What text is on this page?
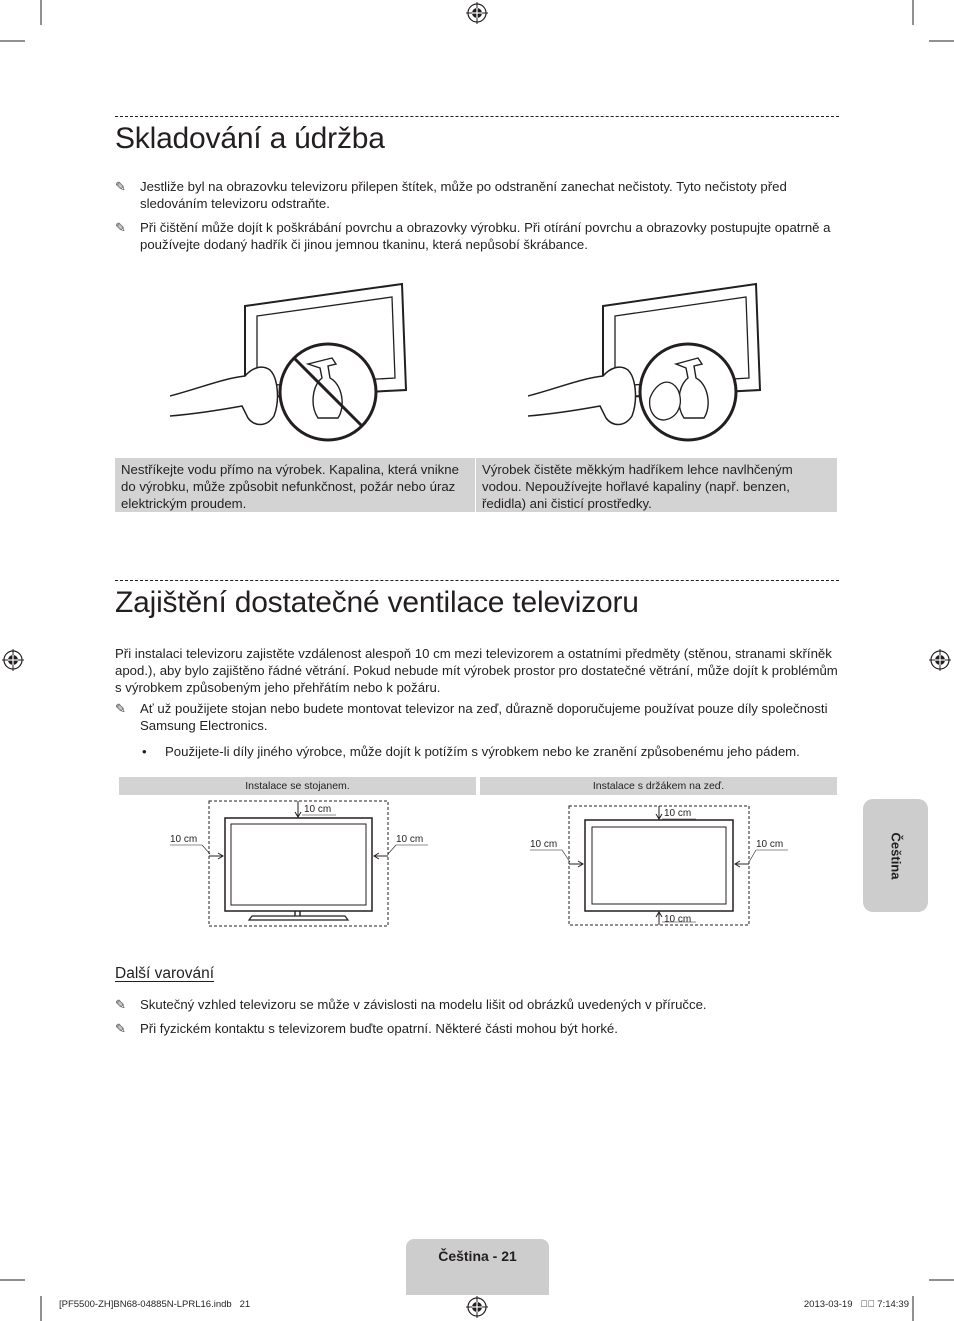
Skladování a údržba
✎	Jestliže byl na obrazovku televizoru přilepen štítek, může po odstranění zanechat nečistoty. Tyto nečistoty před sledováním televizoru odstraňte.
✎	Při čištění může dojít k poškrábání povrchu a obrazovky výrobku. Při otírání povrchu a obrazovky postupujte opatrně a používejte dodaný hadřík či jinou jemnou tkaninu, která nepůsobí škrábance.
Nestříkejte vodu přímo na výrobek. Kapalina, která vnikne do výrobku, může způsobit nefunkčnost, požár nebo úraz elektrickým proudem.
Výrobek čistěte měkkým hadříkem lehce navlhčeným vodou. Nepoužívejte hořlavé kapaliny (např. benzen, ředidla) ani čisticí prostředky.
Zajištění dostatečné ventilace televizoru
Při instalaci televizoru zajistěte vzdálenost alespoň 10 cm mezi televizorem a ostatními předměty (stěnou, stranami skříněk apod.), aby bylo zajištěno řádné větrání. Pokud nebude mít výrobek prostor pro dostatečné větrání, může dojít k problémům s výrobkem způsobeným jeho přehřátím nebo k požáru.
✎	Ať už použijete stojan nebo budete montovat televizor na zeď, důrazně doporučujeme používat pouze díly společnosti Samsung Electronics.
•	Použijete-li díly jiného výrobce, může dojít k potížím s výrobkem nebo ke zranění způsobenému jeho pádem.
Instalace se stojanem.	Instalace s držákem na zeď.
10 cm
10 cm	10 cm
10 cm
10 cm
10 cm	10 cm
Další varování
✎	Skutečný vzhled televizoru se může v závislosti na modelu lišit od obrázků uvedených v příručce.
✎	Při fyzickém kontaktu s televizorem buďte opatrní. Některé části mohou být horké.
Čeština
Čeština - 21
[PF5500-ZH]BN68-04885N-LPRL16.indb   21	2013-03-19   ￿￿ 7:14:39
